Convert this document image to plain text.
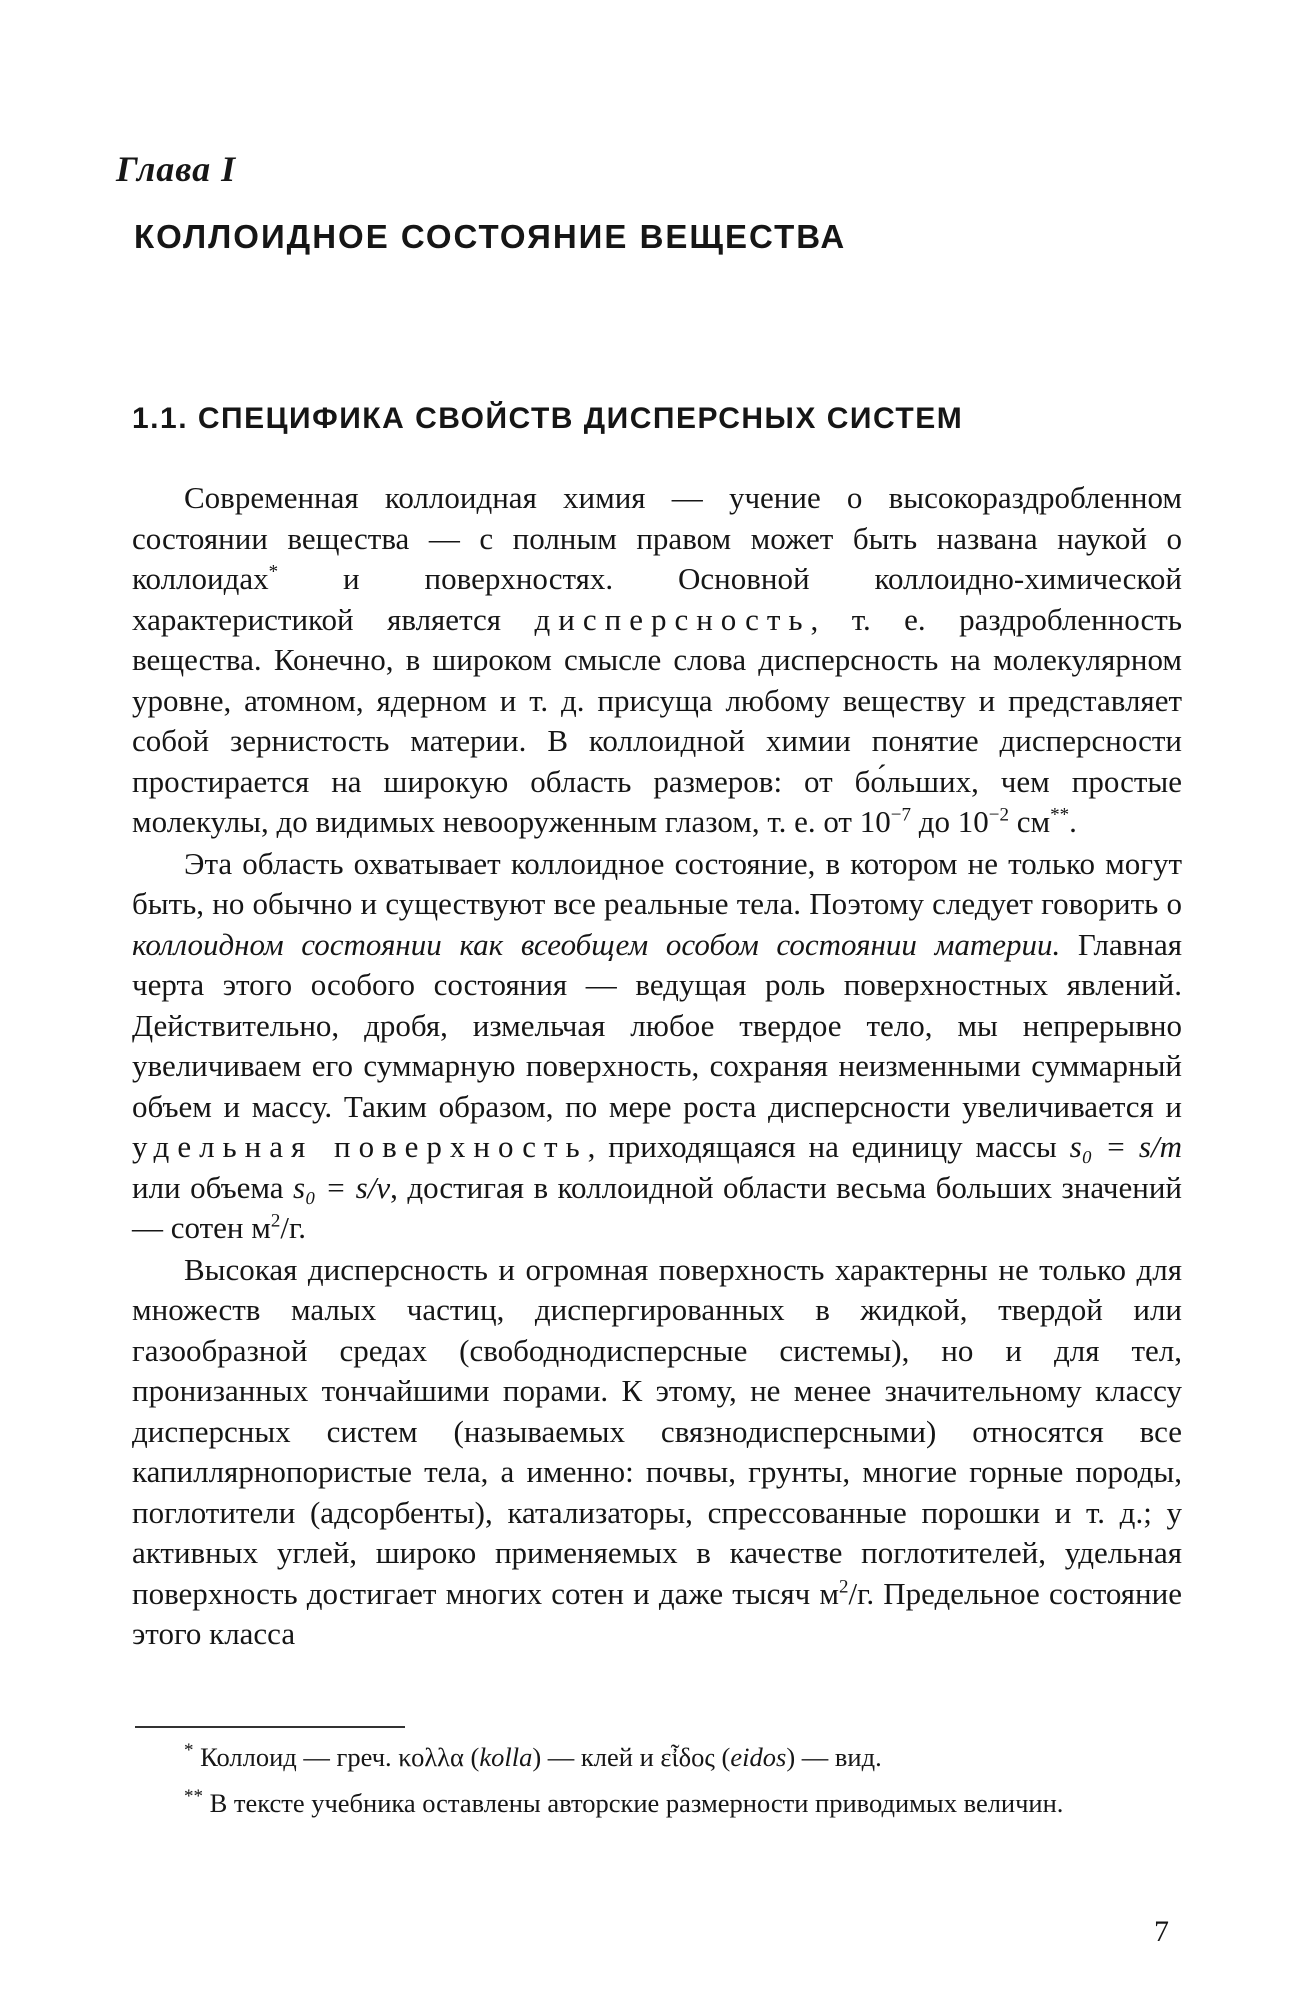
Глава I
КОЛЛОИДНОЕ СОСТОЯНИЕ ВЕЩЕСТВА
1.1. СПЕЦИФИКА СВОЙСТВ ДИСПЕРСНЫХ СИСТЕМ

Современная коллоидная химия — учение о высокораздробленном состоянии вещества — с полным правом может быть названа наукой о коллоидах* и поверхностях. Основной коллоидно-химической характеристикой является дисперсность, т. е. раздробленность вещества. Конечно, в широком смысле слова дисперсность на молекулярном уровне, атомном, ядерном и т. д. присуща любому веществу и представляет собой зернистость материи. В коллоидной химии понятие дисперсности простирается на широкую область размеров: от бо́льших, чем простые молекулы, до видимых невооруженным глазом, т. е. от $10^{-7}$ до $10^{-2}$ см**.

Эта область охватывает коллоидное состояние, в котором не только могут быть, но обычно и существуют все реальные тела. Поэтому следует говорить о коллоидном состоянии как всеобщем особом состоянии материи. Главная черта этого особого состояния — ведущая роль поверхностных явлений. Действительно, дробя, измельчая любое твердое тело, мы непрерывно увеличиваем его суммарную поверхность, сохраняя неизменными суммарный объем и массу. Таким образом, по мере роста дисперсности увеличивается и удельная поверхность, приходящаяся на единицу массы s₀ = s/m или объема s₀ = s/v, достигая в коллоидной области весьма больших значений — сотен $м^2/г$.

Высокая дисперсность и огромная поверхность характерны не только для множеств малых частиц, диспергированных в жидкой, твердой или газообразной средах (свободнодисперсные системы), но и для тел, пронизанных тончайшими порами. К этому, не менее значительному классу дисперсных систем (называемых связнодисперсными) относятся все капиллярнопористые тела, а именно: почвы, грунты, многие горные породы, поглотители (адсорбенты), катализаторы, спрессованные порошки и т. д.; у активных углей, широко применяемых в качестве поглотителей, удельная поверхность достигает многих сотен и даже тысяч $м^2/г$. Предельное состояние этого класса

* Коллоид — греч. κολλα (kolla) — клей и εἶδος (eidos) — вид.

** В тексте учебника оставлены авторские размерности приводимых величин.

7
